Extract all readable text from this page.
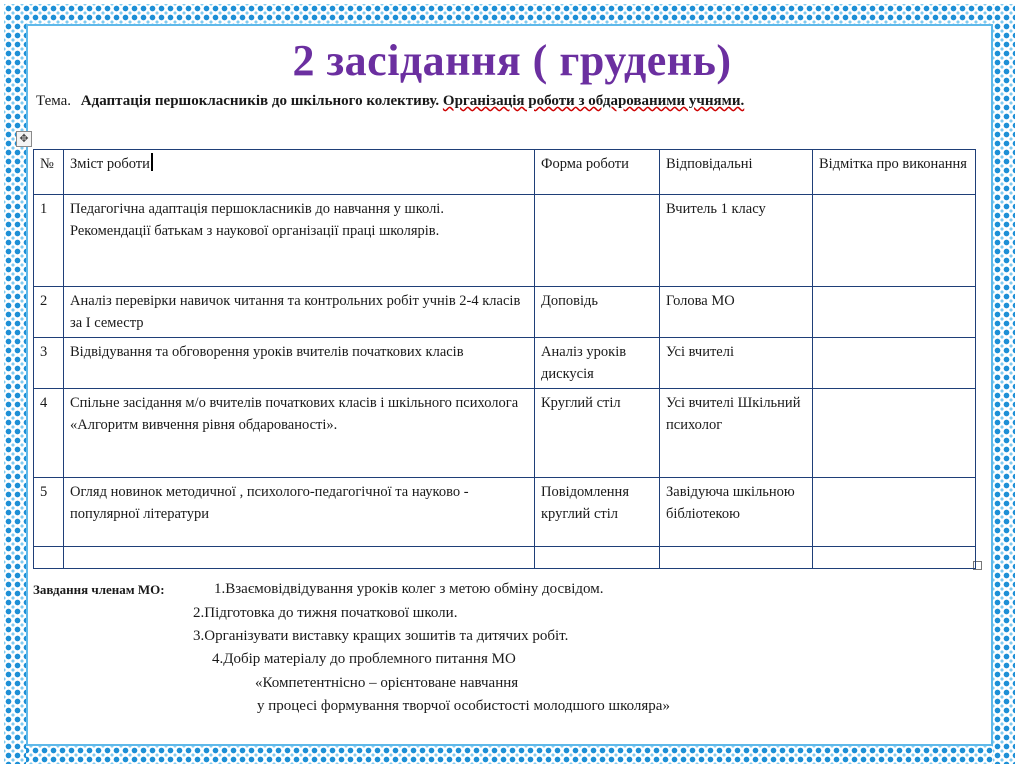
2 засідання ( грудень)
Тема. Адаптація першокласників до шкільного колективу. Організація роботи з обдарованими учнями.
✥
№	Зміст роботи	Форма роботи	Відповідальні	Відмітка про виконання
1	Педагогічна адаптація першокласників до навчання у школі. Рекомендації батькам з наукової організації праці школярів.		Вчитель 1 класу	
2	Аналіз перевірки навичок читання та контрольних робіт учнів 2-4 класів за І семестр	Доповідь	Голова МО	
3	Відвідування та обговорення уроків вчителів початкових класів	Аналіз уроків дискусія	Усі вчителі	
4	Спільне засідання м/о вчителів початкових класів і шкільного психолога «Алгоритм вивчення рівня обдарованості».	Круглий стіл	Усі вчителі Шкільний психолог	
5	Огляд новинок методичної , психолого-педагогічної та науково - популярної літератури	Повідомлення круглий стіл	Завідуюча шкільною бібліотекою	

Завдання членам МО:	1.Взаємовідвідування уроків колег з метою обміну досвідом.
2.Підготовка до тижня початкової школи.
3.Організувати виставку кращих зошитів та дитячих робіт.
4.Добір матеріалу до проблемного питання МО
«Компетентнісно – орієнтоване навчання
у процесі формування творчої особистості молодшого школяра»
